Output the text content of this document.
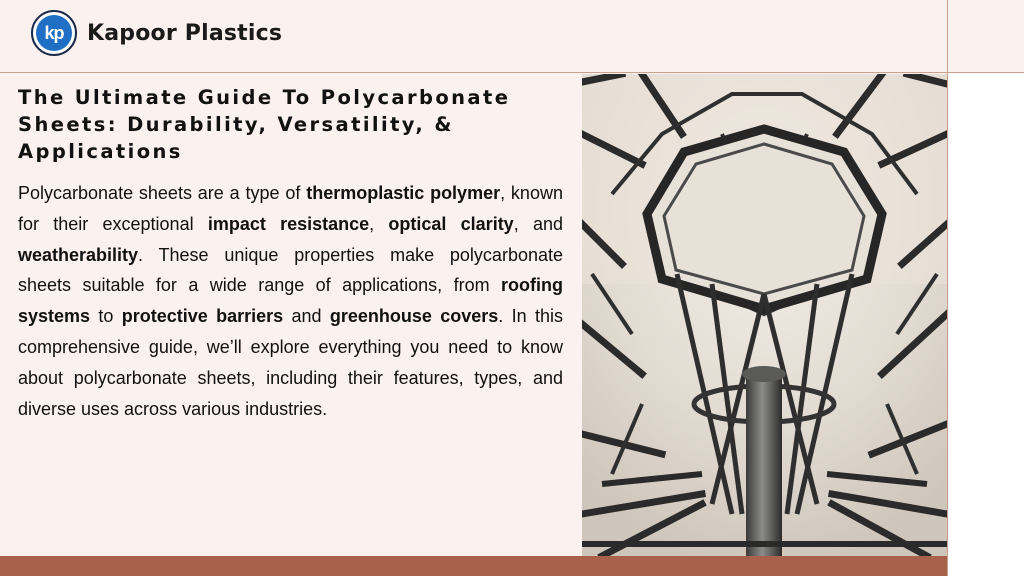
kp	Kapoor Plastics
The Ultimate Guide To Polycarbonate Sheets: Durability, Versatility, & Applications

Polycarbonate sheets are a type of thermoplastic polymer, known for their exceptional impact resistance, optical clarity, and weatherability. These unique properties make polycarbonate sheets suitable for a wide range of applications, from roofing systems to protective barriers and greenhouse covers. In this comprehensive guide, we’ll explore everything you need to know about polycarbonate sheets, including their features, types, and diverse uses across various industries.
